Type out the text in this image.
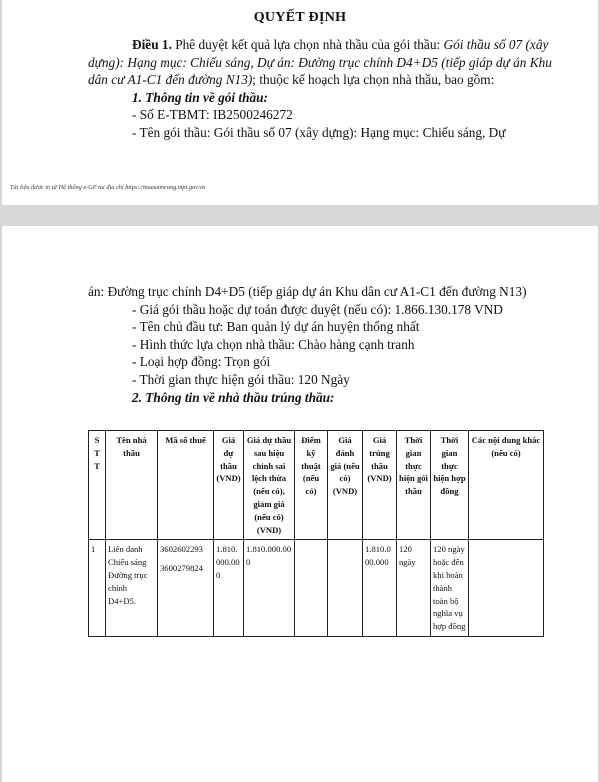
QUYẾT ĐỊNH

Điều 1. Phê duyệt kết quả lựa chọn nhà thầu của gói thầu: Gói thầu số 07 (xây dựng): Hạng mục: Chiếu sáng, Dự án: Đường trục chính D4+D5 (tiếp giáp dự án Khu dân cư A1-C1 đến đường N13); thuộc kế hoạch lựa chọn nhà thầu, bao gồm:

1. Thông tin về gói thầu:

- Số E-TBMT: IB2500246272

- Tên gói thầu: Gói thầu số 07 (xây dựng): Hạng mục: Chiếu sáng, Dự

Tài liệu được in từ Hệ thống e-GP tại địa chỉ https://muasamcong.mpi.gov.vn

án: Đường trục chính D4+D5 (tiếp giáp dự án Khu dân cư A1-C1 đến đường N13)

- Giá gói thầu hoặc dự toán được duyệt (nếu có): 1.866.130.178 VND

- Tên chủ đầu tư: Ban quản lý dự án huyện thống nhất

- Hình thức lựa chọn nhà thầu: Chào hàng cạnh tranh

- Loại hợp đồng: Trọn gói

- Thời gian thực hiện gói thầu: 120 Ngày

2. Thông tin về nhà thầu trúng thầu:

S T T	Tên nhà thầu	Mã số thuế	Giá dự thầu (VND)	Giá dự thầu sau hiệu chỉnh sai lệch thừa (nếu có), giảm giá (nếu có) (VND)	Điểm kỹ thuật (nếu có)	Giá đánh giá (nếu có) (VND)	Giá trúng thầu (VND)	Thời gian thực hiện gói thầu	Thời gian thực hiện hợp đồng	Các nội dung khác (nếu có)
1	Liên danh Chiếu sáng Đường trục chính D4+D5.	3602602293
3600279824	1.810.000.000	1.810.000.000			1.810.000.000	120 ngày	120 ngày hoặc đến khi hoàn thành toàn bộ nghĩa vụ hợp đồng	
